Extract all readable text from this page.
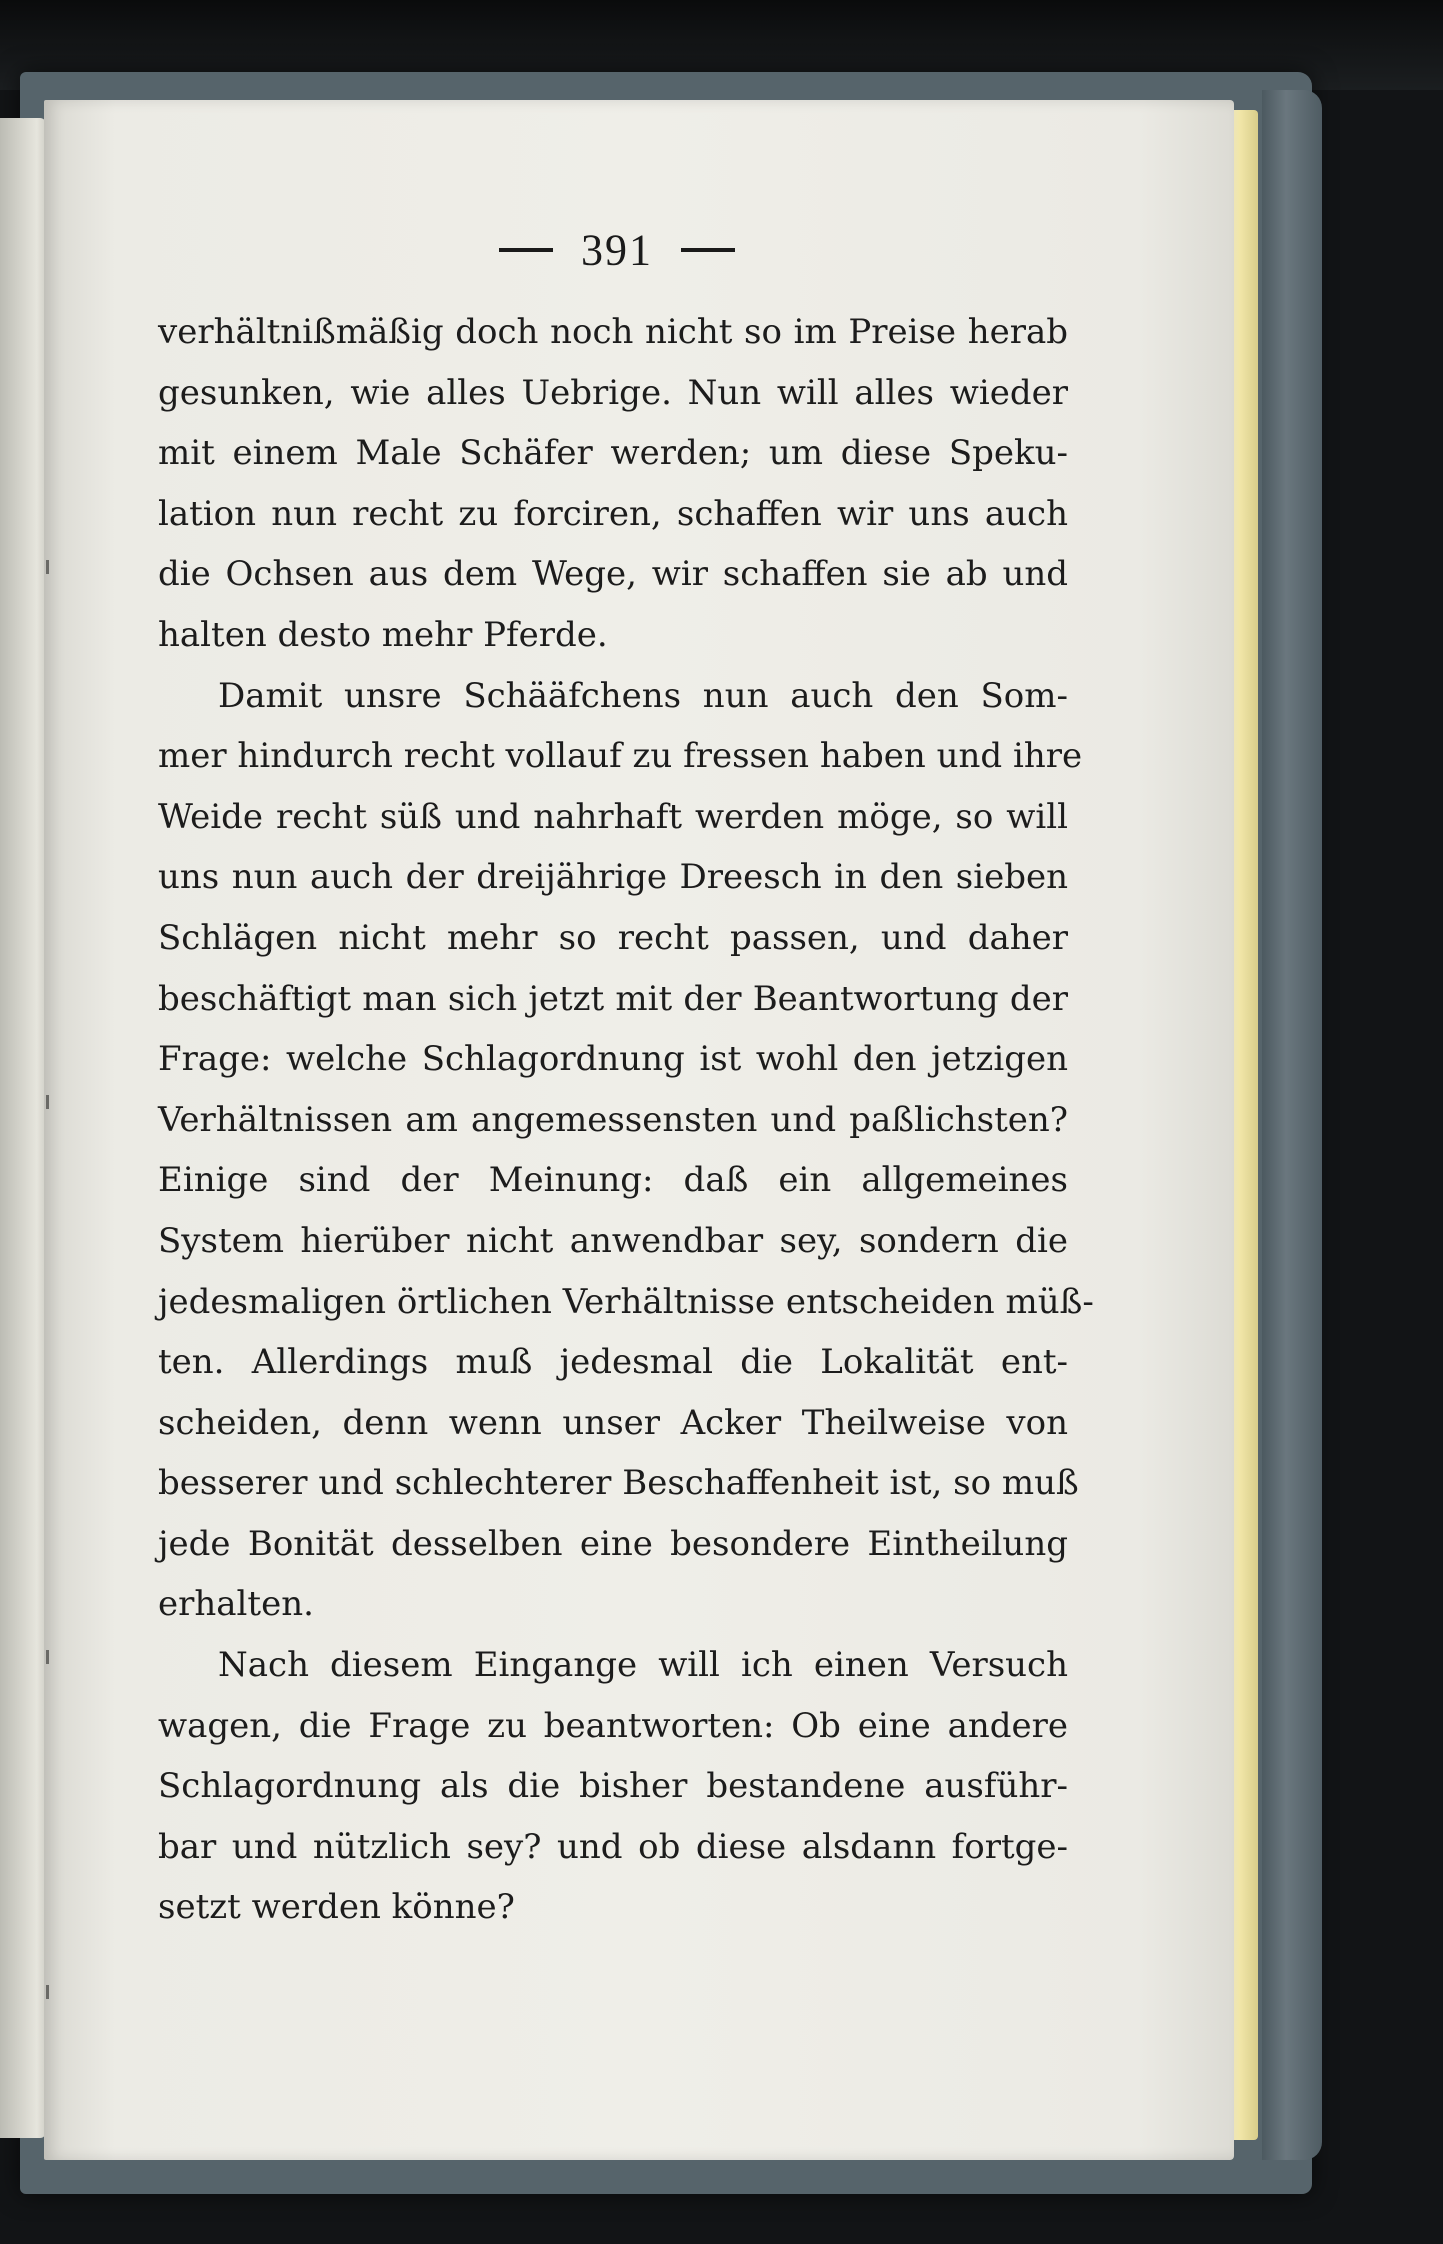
391
verhältnißmäßig doch noch nicht so im Preise herab
gesunken, wie alles Uebrige. Nun will alles wieder
mit einem Male Schäfer werden; um diese Speku-
lation nun recht zu forciren, schaffen wir uns auch
die Ochsen aus dem Wege, wir schaffen sie ab und
halten desto mehr Pferde.
Damit unsre Schääfchens nun auch den Som-
mer hindurch recht vollauf zu fressen haben und ihre
Weide recht süß und nahrhaft werden möge, so will
uns nun auch der dreijährige Dreesch in den sieben
Schlägen nicht mehr so recht passen, und daher
beschäftigt man sich jetzt mit der Beantwortung der
Frage: welche Schlagordnung ist wohl den jetzigen
Verhältnissen am angemessensten und paßlichsten?
Einige sind der Meinung: daß ein allgemeines
System hierüber nicht anwendbar sey, sondern die
jedesmaligen örtlichen Verhältnisse entscheiden müß-
ten. Allerdings muß jedesmal die Lokalität ent-
scheiden, denn wenn unser Acker Theilweise von
besserer und schlechterer Beschaffenheit ist, so muß
jede Bonität desselben eine besondere Eintheilung
erhalten.
Nach diesem Eingange will ich einen Versuch
wagen, die Frage zu beantworten: Ob eine andere
Schlagordnung als die bisher bestandene ausführ-
bar und nützlich sey? und ob diese alsdann fortge-
setzt werden könne?
